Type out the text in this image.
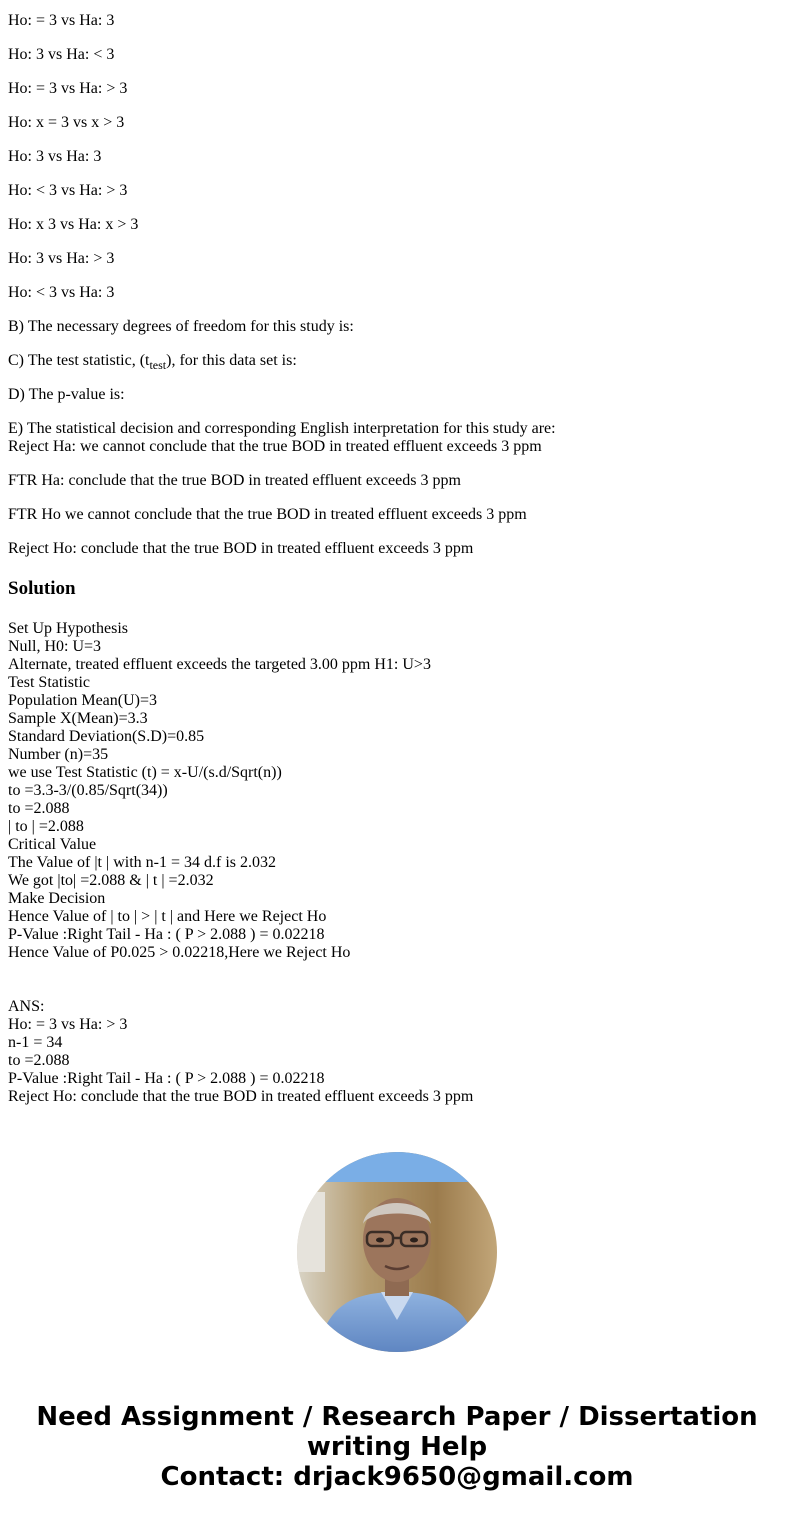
Ho: = 3 vs Ha: 3

Ho: 3 vs Ha: < 3

Ho: = 3 vs Ha: > 3

Ho: x = 3 vs x > 3

Ho: 3 vs Ha: 3

Ho: < 3 vs Ha: > 3

Ho: x 3 vs Ha: x > 3

Ho: 3 vs Ha: > 3

Ho: < 3 vs Ha: 3

B) The necessary degrees of freedom for this study is:

C) The test statistic, $(t_{test})$, for this data set is:

D) The p-value is:

E) The statistical decision and corresponding English interpretation for this study are:

Reject Ha: we cannot conclude that the true BOD in treated effluent exceeds 3 ppm

FTR Ha: conclude that the true BOD in treated effluent exceeds 3 ppm

FTR Ho we cannot conclude that the true BOD in treated effluent exceeds 3 ppm

Reject Ho: conclude that the true BOD in treated effluent exceeds 3 ppm

Solution
Set Up Hypothesis
Null, H0: U=3
Alternate, treated effluent exceeds the targeted 3.00 ppm H1: U>3
Test Statistic
Population Mean(U)=3
Sample X(Mean)=3.3
Standard Deviation(S.D)=0.85
Number (n)=35
we use Test Statistic (t) = x-U/(s.d/Sqrt(n))
to =3.3-3/(0.85/Sqrt(34))
to =2.088
| to | =2.088
Critical Value
The Value of |t | with n-1 = 34 d.f is 2.032
We got |to| =2.088 & | t | =2.032
Make Decision
Hence Value of | to | > | t | and Here we Reject Ho
P-Value :Right Tail - Ha : ( P > 2.088 ) = 0.02218
Hence Value of P0.025 > 0.02218,Here we Reject Ho
ANS:
Ho: = 3 vs Ha: > 3
n-1 = 34
to =2.088
P-Value :Right Tail - Ha : ( P > 2.088 ) = 0.02218
Reject Ho: conclude that the true BOD in treated effluent exceeds 3 ppm
Need Assignment / Research Paper / Dissertation
writing Help
Contact: drjack9650@gmail.com
